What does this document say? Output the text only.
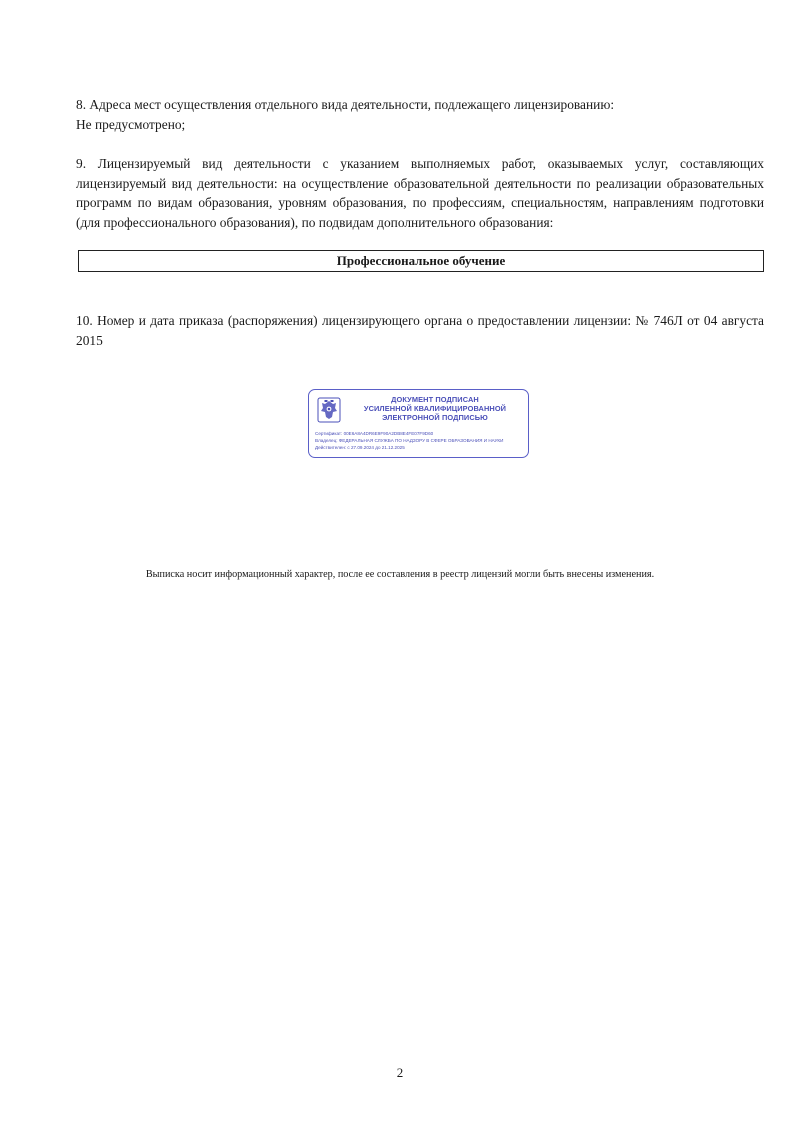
8. Адреса мест осуществления отдельного вида деятельности, подлежащего лицензированию:
Не предусмотрено;
9. Лицензируемый вид деятельности с указанием выполняемых работ, оказываемых услуг, составляющих лицензируемый вид деятельности: на осуществление образовательной деятельности по реализации образовательных программ по видам образования, уровням образования, по профессиям, специальностям, направлениям подготовки (для профессионального образования), по подвидам дополнительного образования:
Профессиональное обучение
10. Номер и дата приказа (распоряжения) лицензирующего органа о предоставлении лицензии: № 746Л от 04 августа 2015
ДОКУМЕНТ ПОДПИСАН
УСИЛЕННОЙ КВАЛИФИЦИРОВАННОЙ
ЭЛЕКТРОННОЙ ПОДПИСЬЮ
Сертификат: 00E6A8A4DR6E9F90A2DB8E4FE07F9D60
Владелец: ФЕДЕРАЛЬНАЯ СЛУЖБА ПО НАДЗОРУ В СФЕРЕ ОБРАЗОВАНИЯ И НАУКИ
Действителен: с 27.09.2024 до 21.12.2025
Выписка носит информационный характер, после ее составления в реестр лицензий могли быть внесены изменения.
2
